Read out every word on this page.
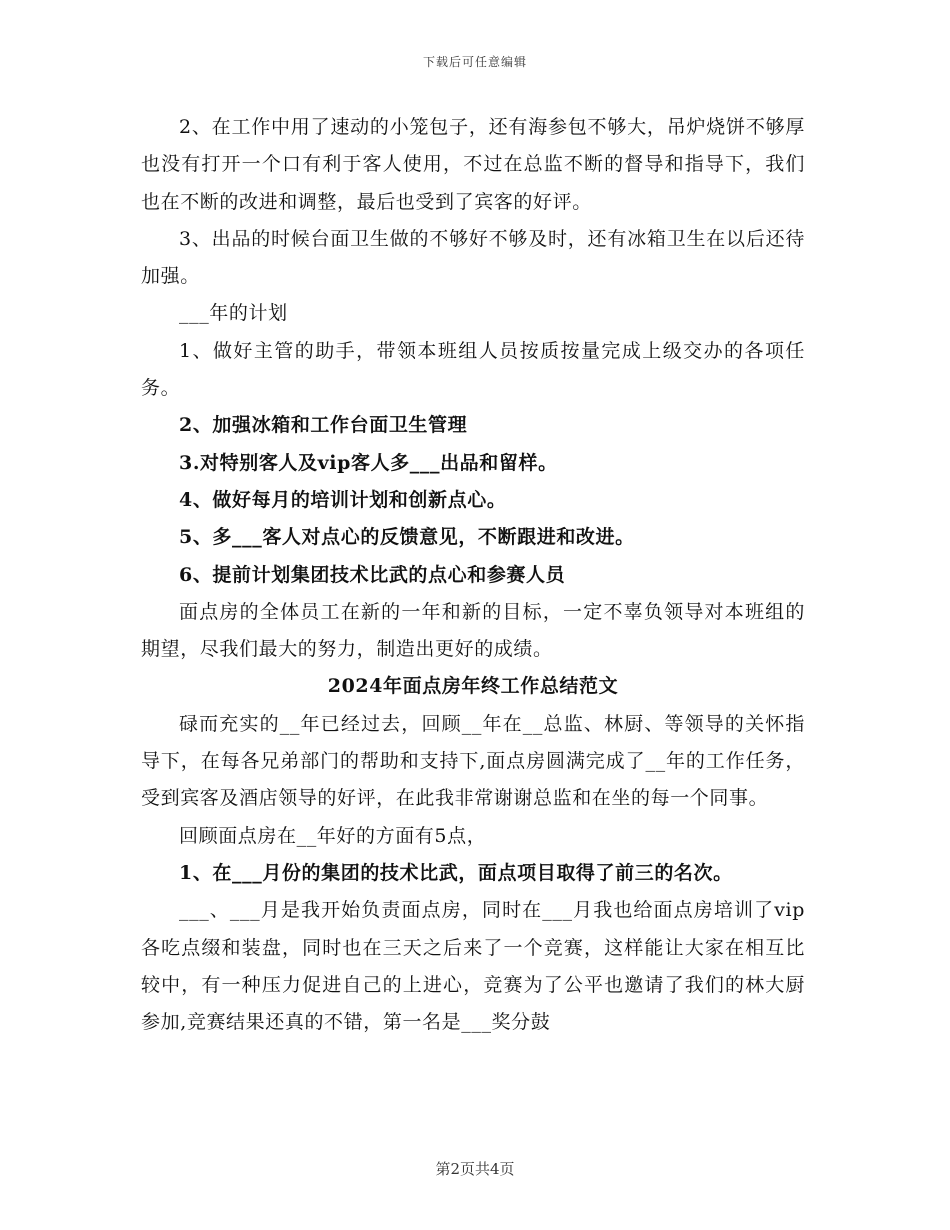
下载后可任意编辑

2、在工作中用了速动的小笼包子，还有海参包不够大，吊炉烧饼不够厚也没有打开一个口有利于客人使用，不过在总监不断的督导和指导下，我们也在不断的改进和调整，最后也受到了宾客的好评。

3、出品的时候台面卫生做的不够好不够及时，还有冰箱卫生在以后还待加强。

___年的计划

1、做好主管的助手，带领本班组人员按质按量完成上级交办的各项任务。

2、加强冰箱和工作台面卫生管理

3.对特别客人及vip客人多___出品和留样。

4、做好每月的培训计划和创新点心。

5、多___客人对点心的反馈意见，不断跟进和改进。

6、提前计划集团技术比武的点心和参赛人员

面点房的全体员工在新的一年和新的目标，一定不辜负领导对本班组的期望，尽我们最大的努力，制造出更好的成绩。

2024年面点房年终工作总结范文

碌而充实的__年已经过去，回顾__年在__总监、林厨、等领导的关怀指导下，在每各兄弟部门的帮助和支持下,面点房圆满完成了__年的工作任务，受到宾客及酒店领导的好评，在此我非常谢谢总监和在坐的每一个同事。

回顾面点房在__年好的方面有5点，

1、在___月份的集团的技术比武，面点项目取得了前三的名次。

___、___月是我开始负责面点房，同时在___月我也给面点房培训了vip各吃点缀和装盘，同时也在三天之后来了一个竞赛，这样能让大家在相互比较中，有一种压力促进自己的上进心，竞赛为了公平也邀请了我们的林大厨参加,竞赛结果还真的不错，第一名是___奖分鼓

第2页共4页
